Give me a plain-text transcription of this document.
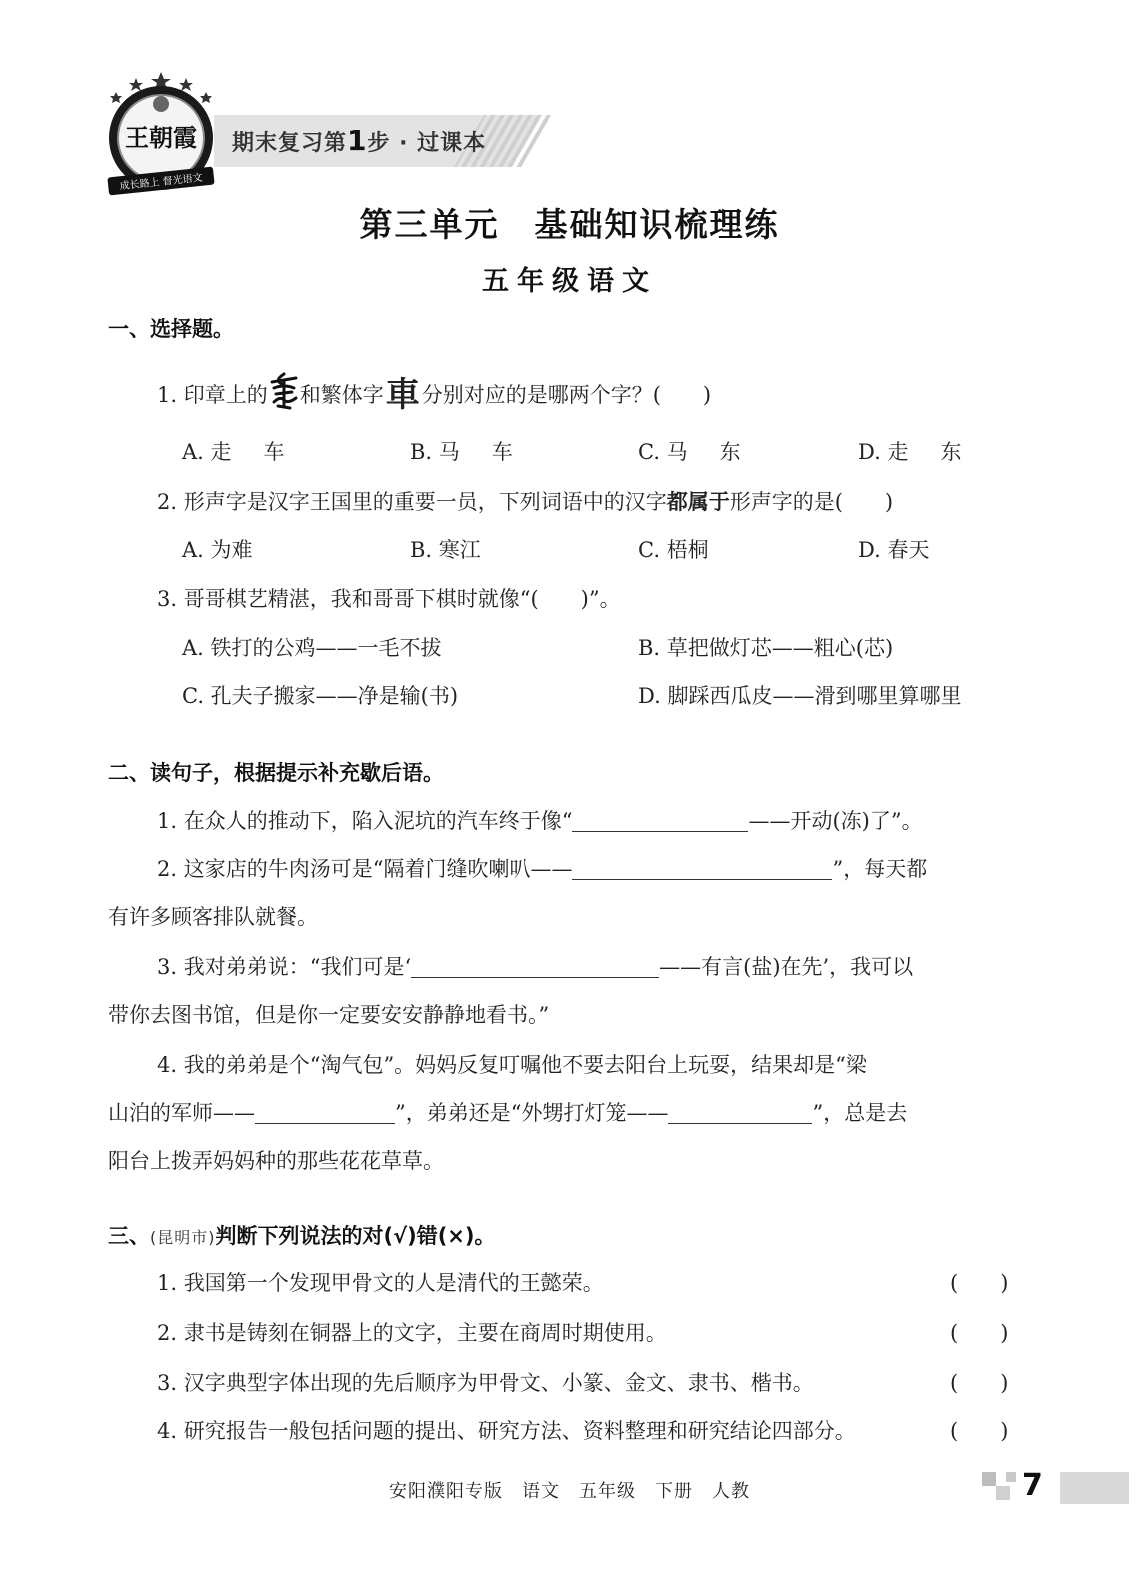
王朝霞
成长路上 督光语文
期末复习第1步 · 过课本
第三单元　基础知识梳理练
五年级语文
一、选择题。
1. 印章上的 和繁体字車分别对应的是哪两个字？(　　)
A. 走 车	B. 马 车	C. 马 东	D. 走 东
2. 形声字是汉字王国里的重要一员，下列词语中的汉字都属于形声字的是(　　)
A. 为难	B. 寒江	C. 梧桐	D. 春天
3. 哥哥棋艺精湛，我和哥哥下棋时就像“(　　)”。
A. 铁打的公鸡——一毛不拔	B. 草把做灯芯——粗心(芯)
C. 孔夫子搬家——净是输(书)	D. 脚踩西瓜皮——滑到哪里算哪里
二、读句子，根据提示补充歇后语。
1. 在众人的推动下，陷入泥坑的汽车终于像“	——开动(冻)了”。
2. 这家店的牛肉汤可是“隔着门缝吹喇叭——	”，每天都
有许多顾客排队就餐。
3. 我对弟弟说：“我们可是‘	——有言(盐)在先’，我可以
带你去图书馆，但是你一定要安安静静地看书。”
4. 我的弟弟是个“淘气包”。妈妈反复叮嘱他不要去阳台上玩耍，结果却是“梁
山泊的军师——	”，弟弟还是“外甥打灯笼——	”，总是去
阳台上拨弄妈妈种的那些花花草草。
三、(昆明市)判断下列说法的对(√)错(×)。
1. 我国第一个发现甲骨文的人是清代的王懿荣。	(　　)
2. 隶书是铸刻在铜器上的文字，主要在商周时期使用。	(　　)
3. 汉字典型字体出现的先后顺序为甲骨文、小篆、金文、隶书、楷书。	(　　)
4. 研究报告一般包括问题的提出、研究方法、资料整理和研究结论四部分。	(　　)
安阳濮阳专版　语文　五年级　下册　人教	7
